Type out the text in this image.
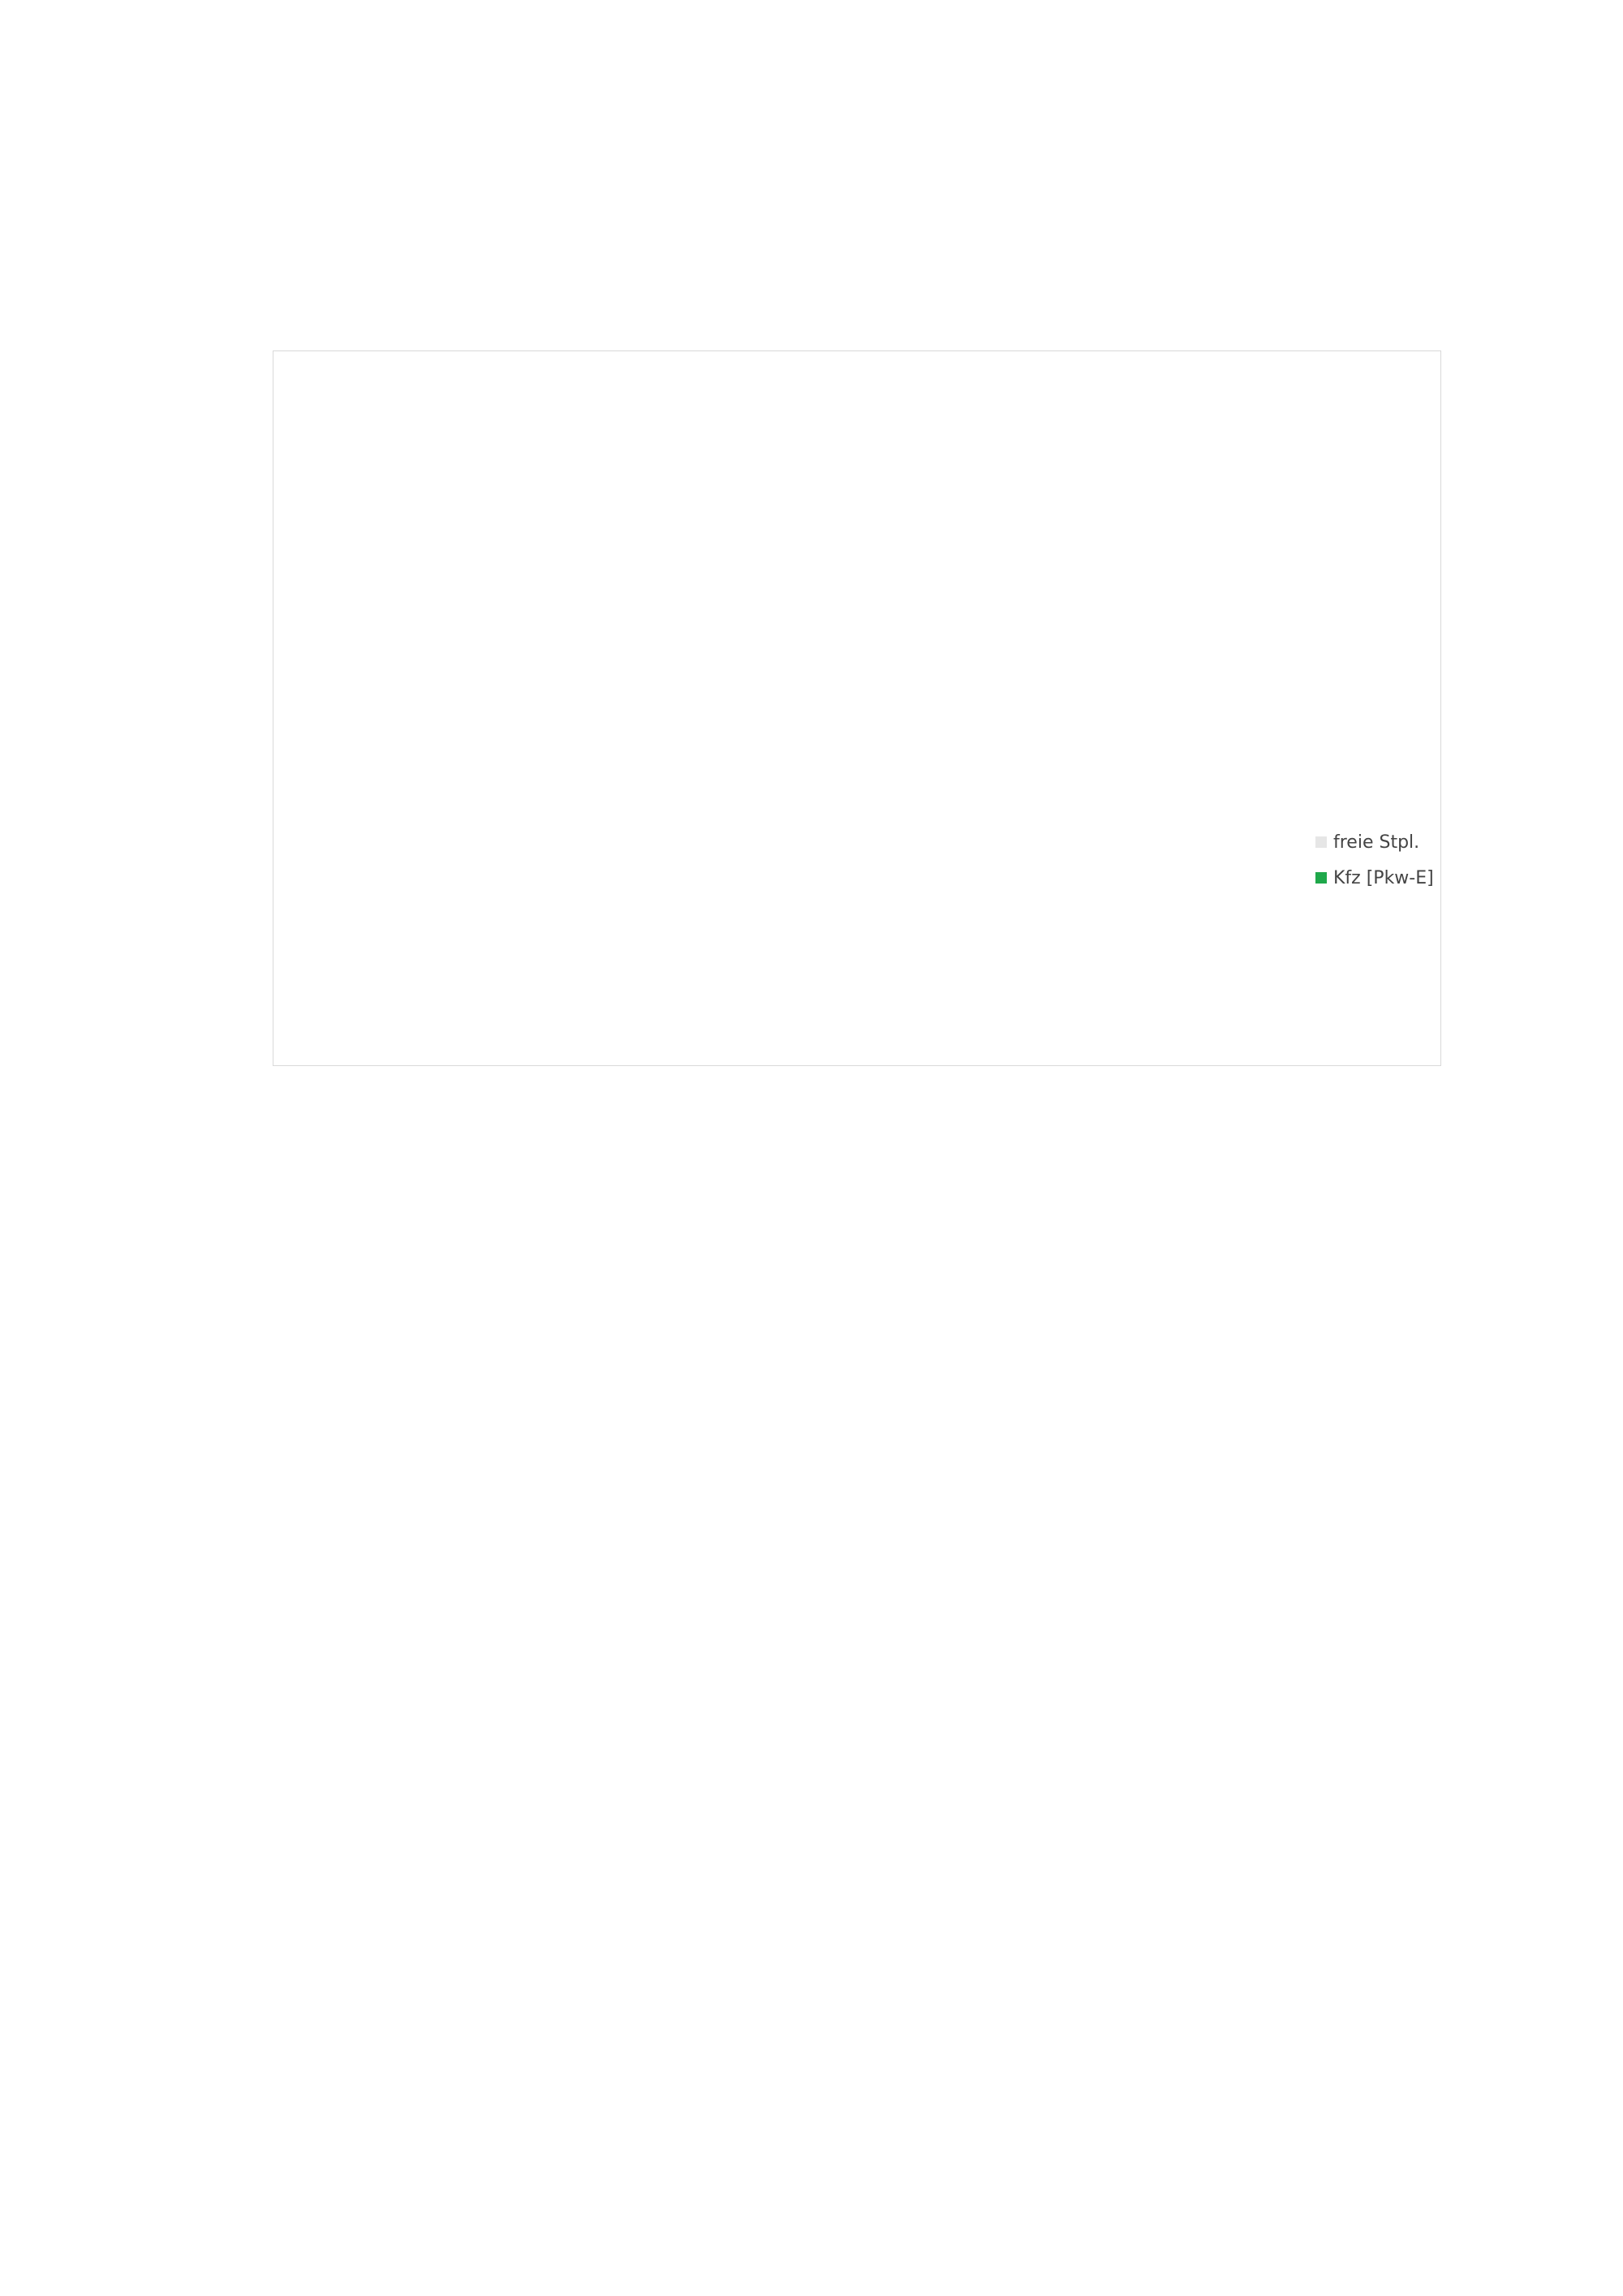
freie Stpl.
Kfz [Pkw-E]
